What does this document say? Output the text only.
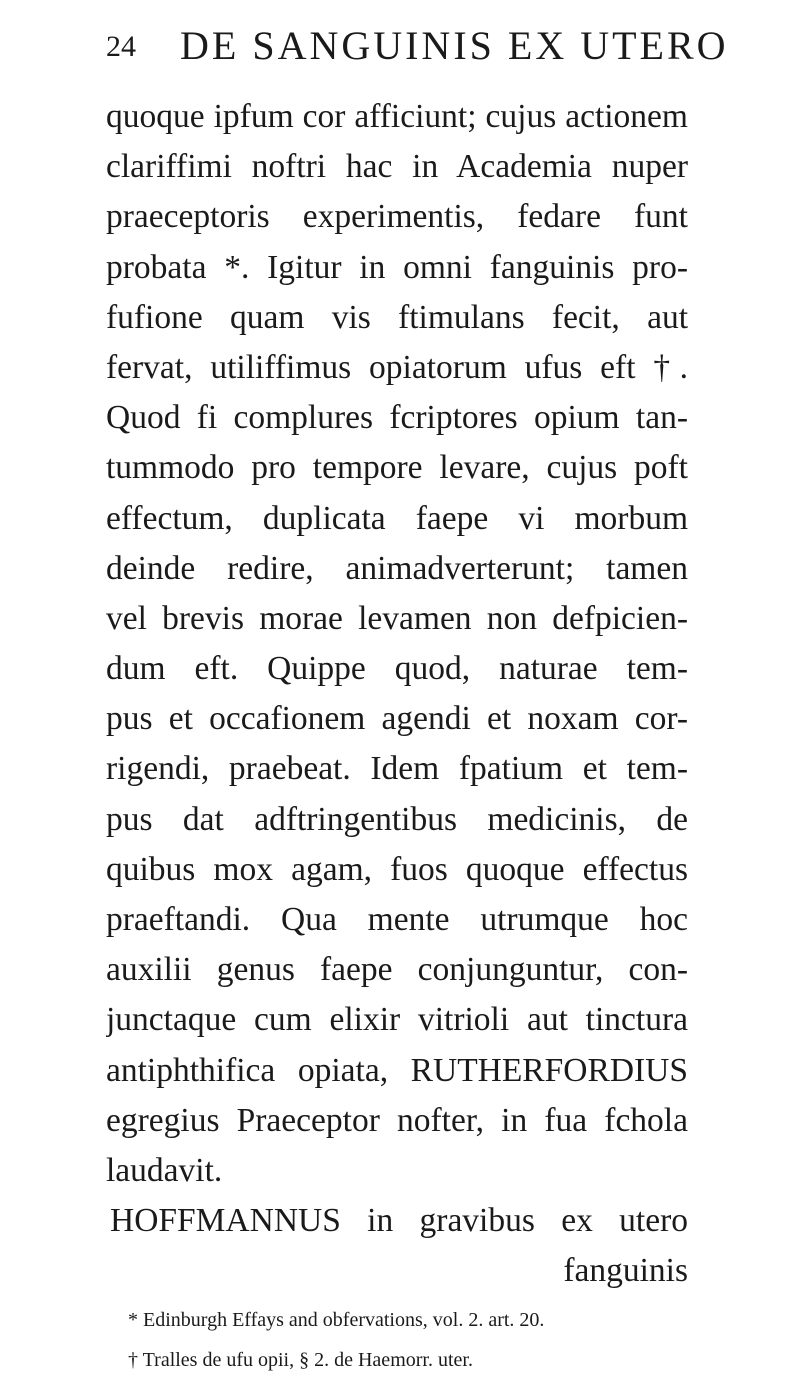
24 DE SANGUINIS EX UTERO
quoque ipfum cor afficiunt; cujus actionem
clariffimi noftri hac in Academia nuper
praeceptoris experimentis, fedare funt
probata *. Igitur in omni fanguinis pro-
fufione quam vis ftimulans fecit, aut
fervat, utiliffimus opiatorum ufus eft †.
Quod fi complures fcriptores opium tan-
tummodo pro tempore levare, cujus poft
effectum, duplicata faepe vi morbum
deinde redire, animadverterunt; tamen
vel brevis morae levamen non defpicien-
dum eft. Quippe quod, naturae tem-
pus et occafionem agendi et noxam cor-
rigendi, praebeat. Idem fpatium et tem-
pus dat adftringentibus medicinis, de
quibus mox agam, fuos quoque effectus
praeftandi. Qua mente utrumque hoc
auxilii genus faepe conjunguntur, con-
junctaque cum elixir vitrioli aut tinctura
antiphthifica opiata, RUTHERFORDIUS
egregius Praeceptor nofter, in fua fchola
laudavit.
HOFFMANNUS in gravibus ex utero
fanguinis
* Edinburgh Effays and obfervations, vol. 2. art. 20.
† Tralles de ufu opii, § 2. de Haemorr. uter.
